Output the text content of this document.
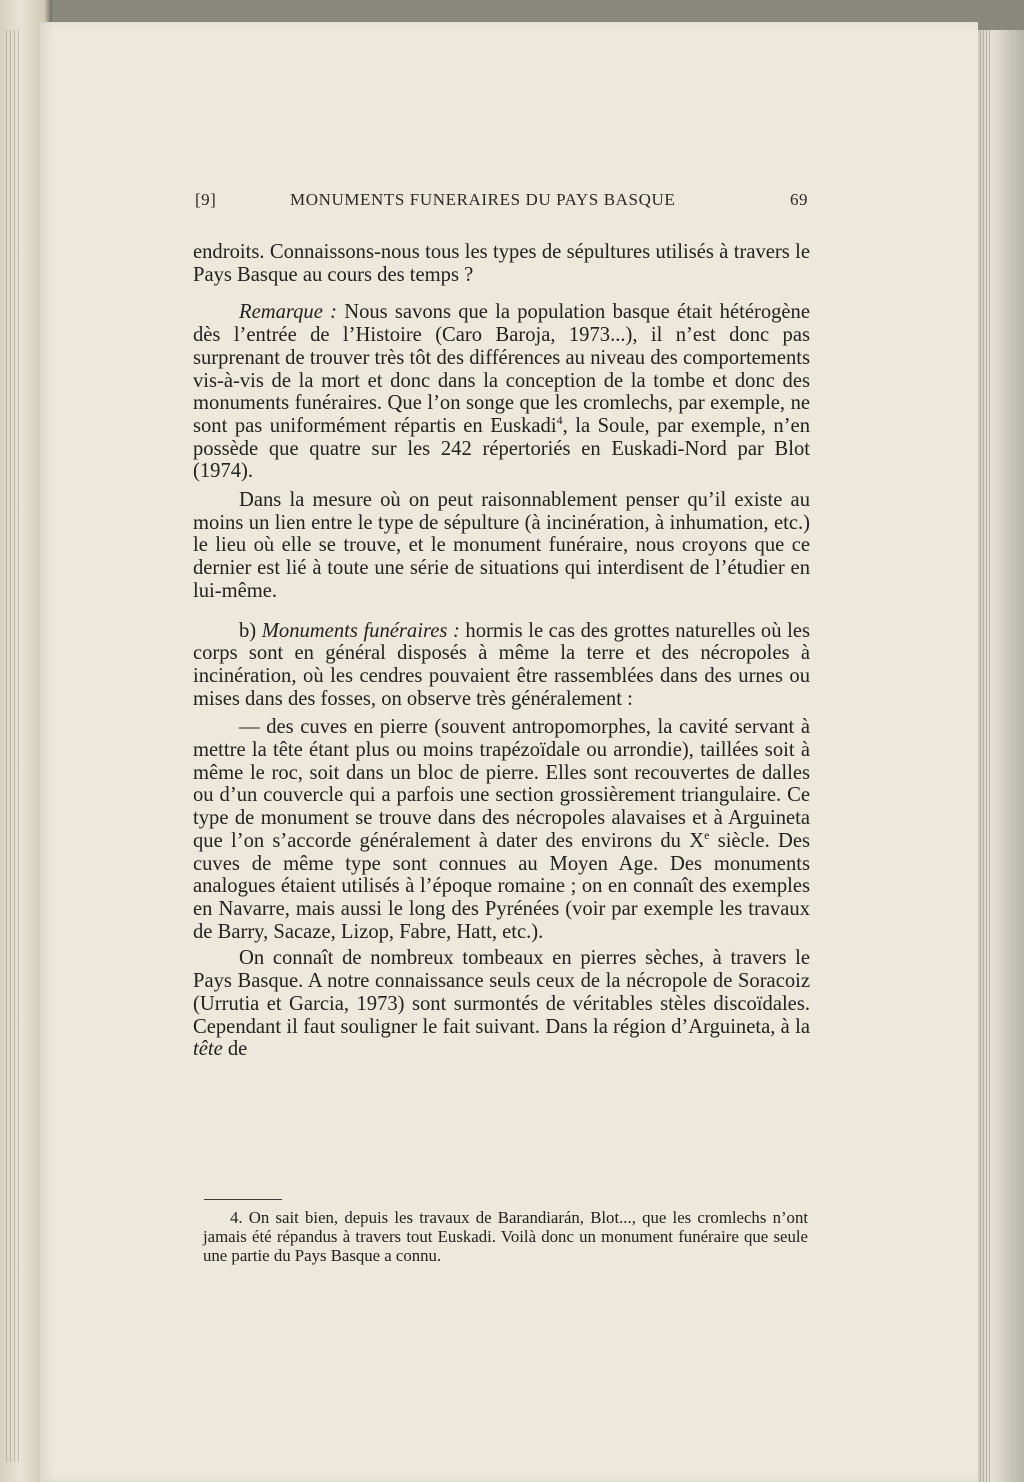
[9]	MONUMENTS FUNERAIRES DU PAYS BASQUE	69

endroits. Connaissons-nous tous les types de sépultures utilisés à travers le Pays Basque au cours des temps ?

Remarque : Nous savons que la population basque était hétérogène dès l’entrée de l’Histoire (Caro Baroja, 1973...), il n’est donc pas surprenant de trouver très tôt des différences au niveau des comportements vis-à-vis de la mort et donc dans la conception de la tombe et donc des monuments funéraires. Que l’on songe que les cromlechs, par exemple, ne sont pas uniformément répartis en Euskadi$^4$, la Soule, par exemple, n’en possède que quatre sur les 242 répertoriés en Euskadi-Nord par Blot (1974).

Dans la mesure où on peut raisonnablement penser qu’il existe au moins un lien entre le type de sépulture (à incinération, à inhumation, etc.) le lieu où elle se trouve, et le monument funéraire, nous croyons que ce dernier est lié à toute une série de situations qui interdisent de l’étudier en lui-même.

b) Monuments funéraires : hormis le cas des grottes naturelles où les corps sont en général disposés à même la terre et des nécropoles à incinération, où les cendres pouvaient être rassemblées dans des urnes ou mises dans des fosses, on observe très généralement :

— des cuves en pierre (souvent antropomorphes, la cavité servant à mettre la tête étant plus ou moins trapézoïdale ou arrondie), taillées soit à même le roc, soit dans un bloc de pierre. Elles sont recouvertes de dalles ou d’un couvercle qui a parfois une section grossièrement triangulaire. Ce type de monument se trouve dans des nécropoles alavaises et à Arguineta que l’on s’accorde généralement à dater des environs du Xe siècle. Des cuves de même type sont connues au Moyen Age. Des monuments analogues étaient utilisés à l’époque romaine ; on en connaît des exemples en Navarre, mais aussi le long des Pyrénées (voir par exemple les travaux de Barry, Sacaze, Lizop, Fabre, Hatt, etc.).

On connaît de nombreux tombeaux en pierres sèches, à travers le Pays Basque. A notre connaissance seuls ceux de la nécropole de Soracoiz (Urrutia et Garcia, 1973) sont surmontés de véritables stèles discoïdales. Cependant il faut souligner le fait suivant. Dans la région d’Arguineta, à la tête de

4. On sait bien, depuis les travaux de Barandiarán, Blot..., que les cromlechs n’ont jamais été répandus à travers tout Euskadi. Voilà donc un monument funéraire que seule une partie du Pays Basque a connu.
